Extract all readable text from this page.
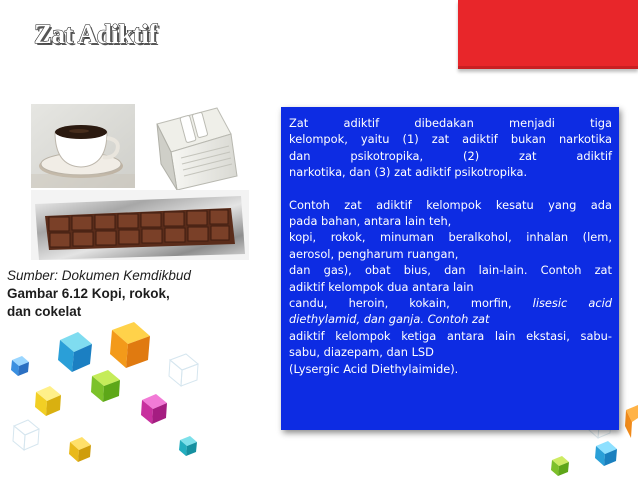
Zat Adiktif
Sumber: Dokumen Kemdikbud
Gambar 6.12 Kopi, rokok,
dan cokelat
Zat adiktif dibedakan menjadi tiga
kelompok, yaitu (1) zat adiktif bukan narkotika
dan psikotropika, (2) zat adiktif
narkotika, dan (3) zat adiktif psikotropika.
Contoh zat adiktif kelompok kesatu yang ada
pada bahan, antara lain teh,
kopi, rokok, minuman beralkohol, inhalan (lem,
aerosol, pengharum ruangan,
dan gas), obat bius, dan lain-lain. Contoh zat
adiktif kelompok dua antara lain
candu, heroin, kokain, morfin, lisesic acid
diethylamid, dan ganja. Contoh zat
adiktif kelompok ketiga antara lain ekstasi, sabu-
sabu, diazepam, dan LSD
(Lysergic Acid Diethylaimide).
